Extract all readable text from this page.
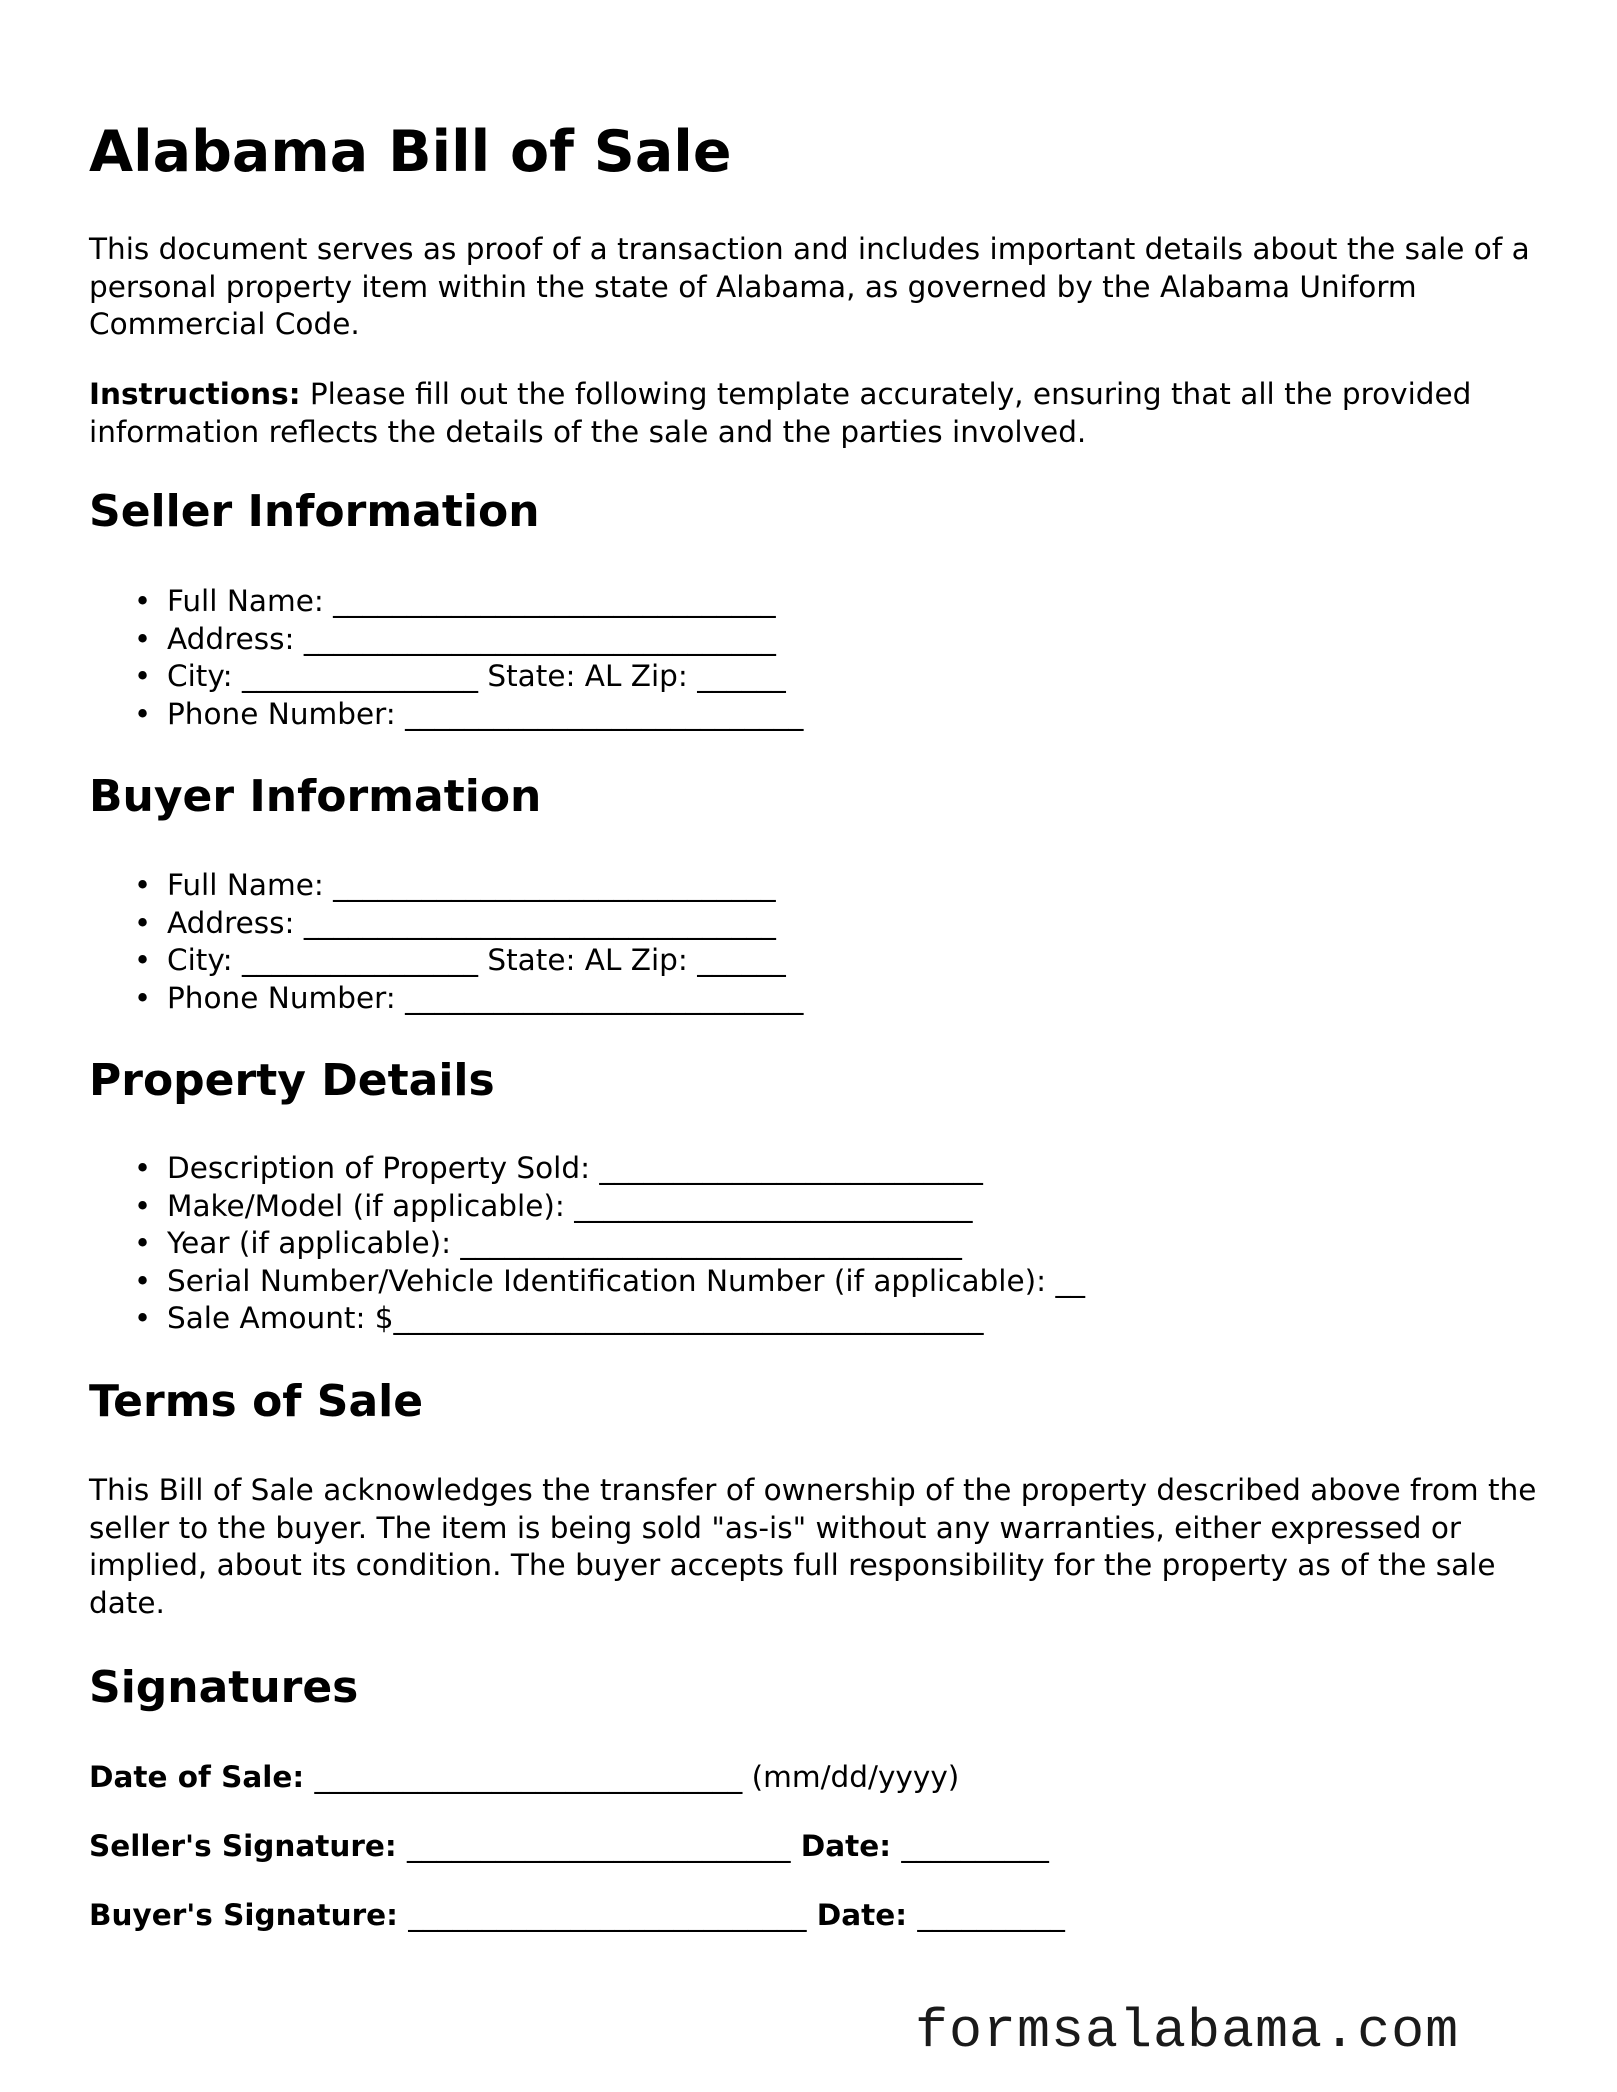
Alabama Bill of Sale

This document serves as proof of a transaction and includes important details about the sale of a personal property item within the state of Alabama, as governed by the Alabama Uniform Commercial Code.

Instructions: Please fill out the following template accurately, ensuring that all the provided information reflects the details of the sale and the parties involved.

Seller Information
• Full Name: ______________________________
• Address: ________________________________
• City: ________________ State: AL Zip: ______
• Phone Number: ___________________________
Buyer Information
• Full Name: ______________________________
• Address: ________________________________
• City: ________________ State: AL Zip: ______
• Phone Number: ___________________________
Property Details
• Description of Property Sold: __________________________
• Make/Model (if applicable): ___________________________
• Year (if applicable): __________________________________
• Serial Number/Vehicle Identification Number (if applicable): __
• Sale Amount: $________________________________________
Terms of Sale

This Bill of Sale acknowledges the transfer of ownership of the property described above from the seller to the buyer. The item is being sold "as-is" without any warranties, either expressed or implied, about its condition. The buyer accepts full responsibility for the property as of the sale date.

Signatures
Date of Sale: _____________________________ (mm/dd/yyyy)
Seller's Signature: __________________________ Date: __________
Buyer's Signature: ___________________________ Date: __________
formsalabama.com
